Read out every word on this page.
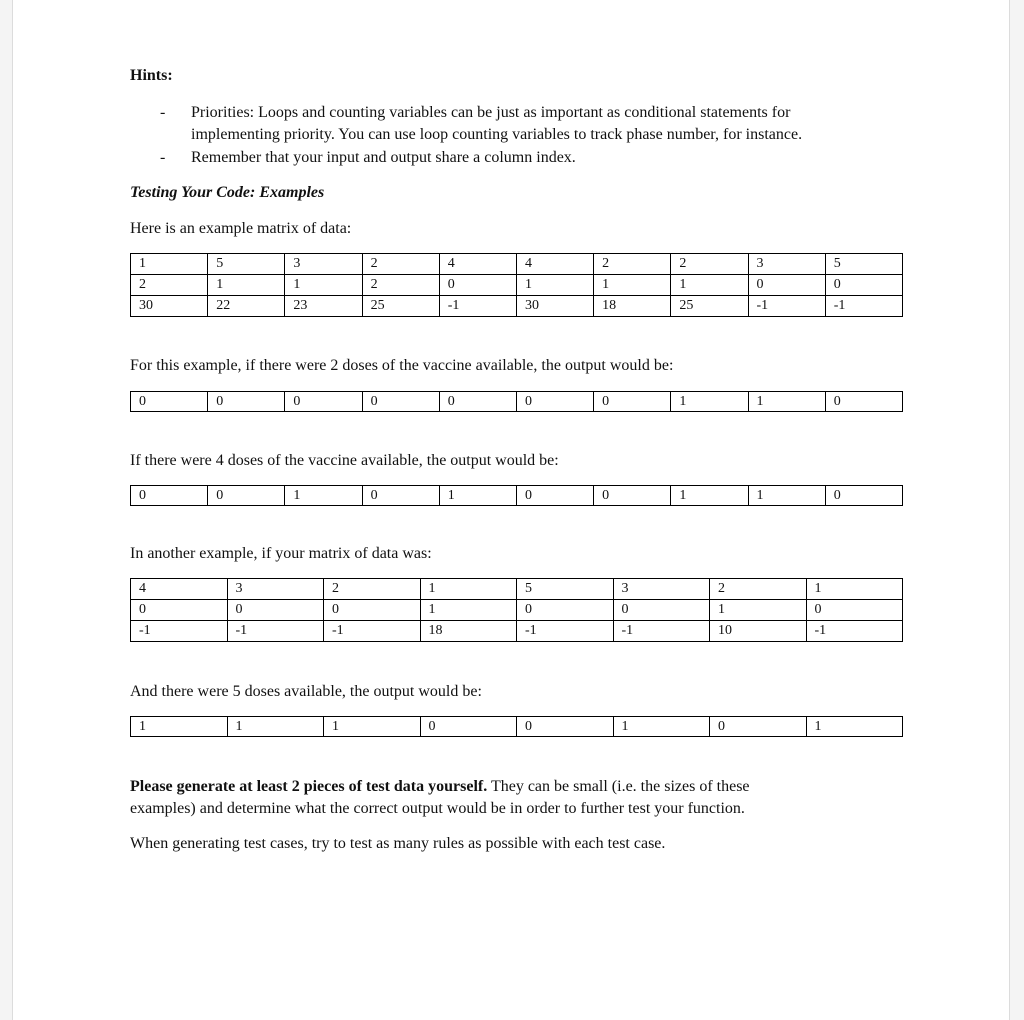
Hints:
- Priorities: Loops and counting variables can be just as important as conditional statements for
implementing priority. You can use loop counting variables to track phase number, for instance.
- Remember that your input and output share a column index.
Testing Your Code: Examples
Here is an example matrix of data:
1	5	3	2	4	4	2	2	3	5
2	1	1	2	0	1	1	1	0	0
30	22	23	25	-1	30	18	25	-1	-1
For this example, if there were 2 doses of the vaccine available, the output would be:
0	0	0	0	0	0	0	1	1	0
If there were 4 doses of the vaccine available, the output would be:
0	0	1	0	1	0	0	1	1	0
In another example, if your matrix of data was:
4	3	2	1	5	3	2	1
0	0	0	1	0	0	1	0
-1	-1	-1	18	-1	-1	10	-1
And there were 5 doses available, the output would be:
1	1	1	0	0	1	0	1
Please generate at least 2 pieces of test data yourself. They can be small (i.e. the sizes of these
examples) and determine what the correct output would be in order to further test your function.
When generating test cases, try to test as many rules as possible with each test case.
